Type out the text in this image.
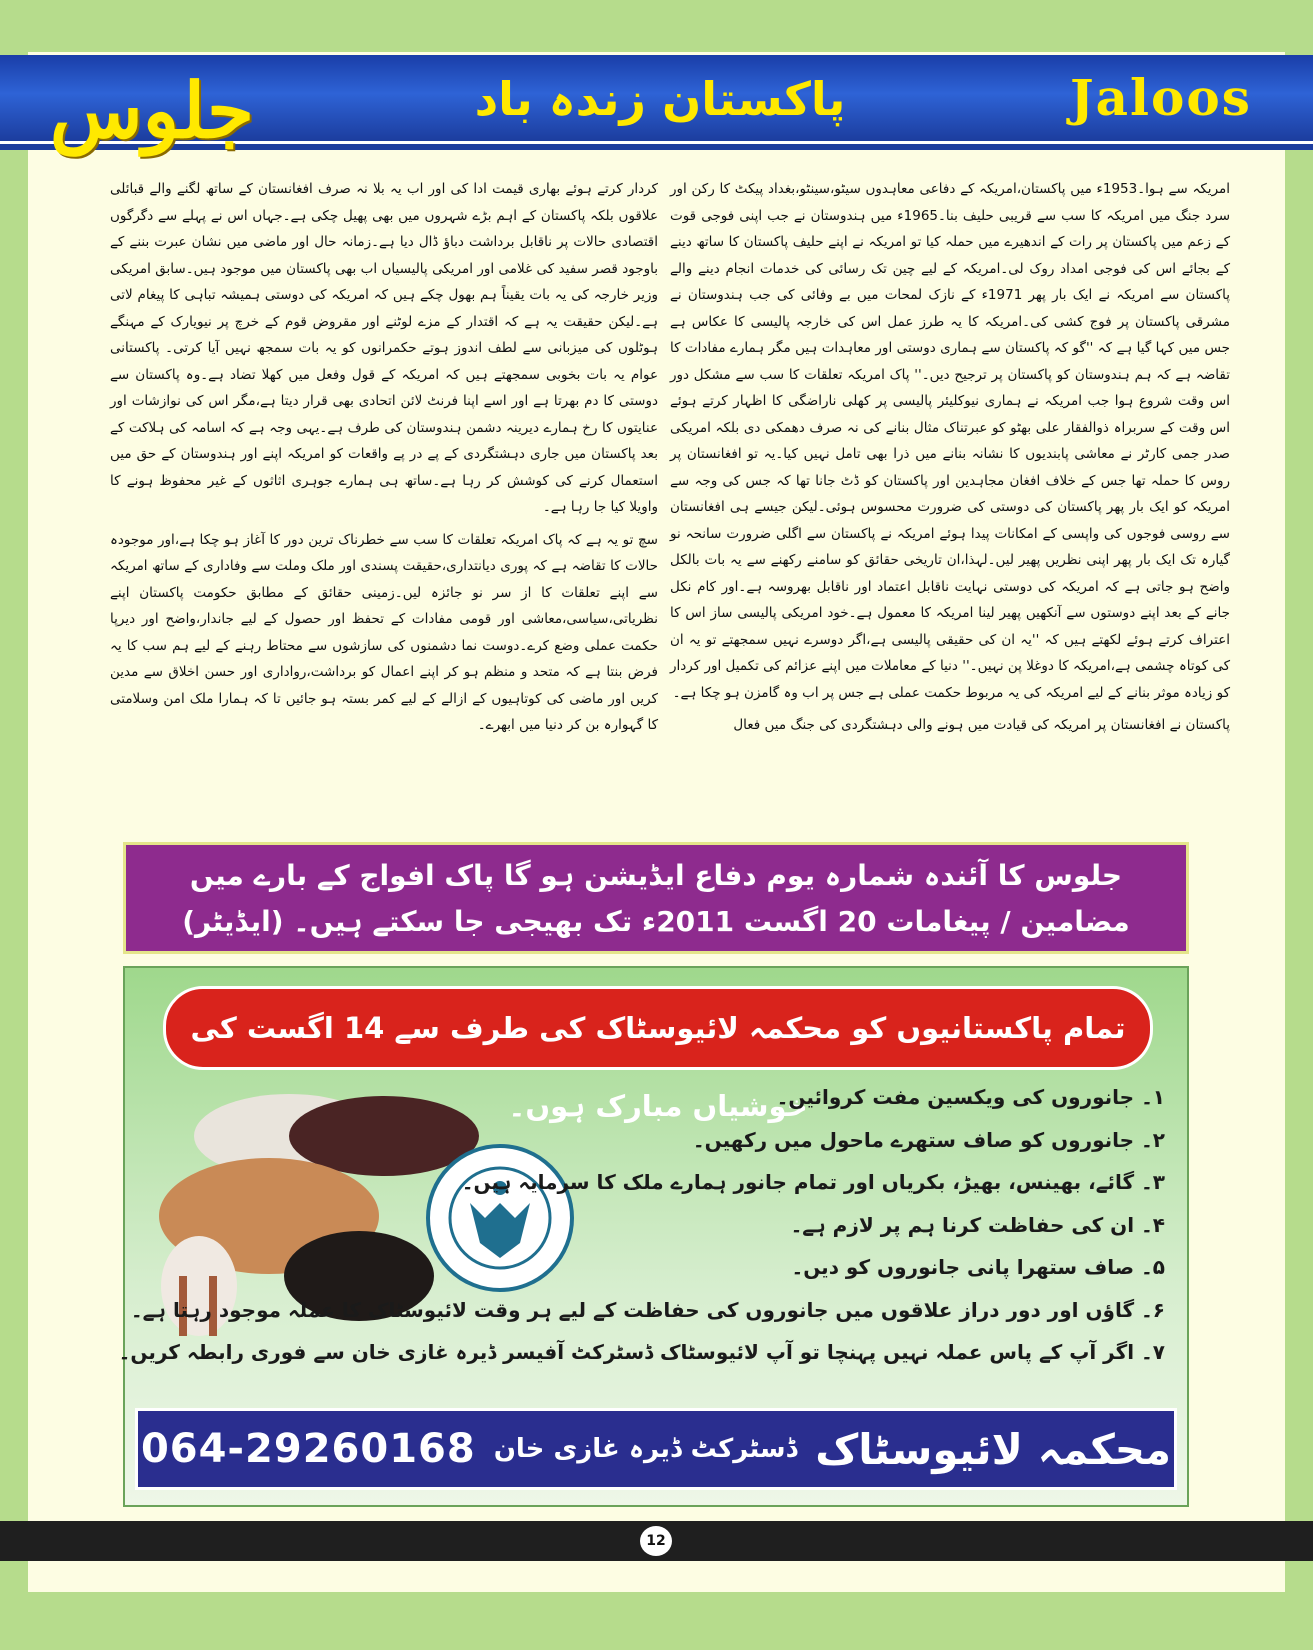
جلوس	پاکستان زندہ باد	Jaloos

امریکہ سے ہوا۔1953ء میں پاکستان،امریکہ کے دفاعی معاہدوں سیٹو،سینٹو،بغداد پیکٹ کا رکن اور سرد جنگ میں امریکہ کا سب سے قریبی حلیف بنا۔1965ء میں ہندوستان نے جب اپنی فوجی قوت کے زعم میں پاکستان پر رات کے اندھیرے میں حملہ کیا تو امریکہ نے اپنے حلیف پاکستان کا ساتھ دینے کے بجائے اس کی فوجی امداد روک لی۔امریکہ کے لیے چین تک رسائی کی خدمات انجام دینے والے پاکستان سے امریکہ نے ایک بار پھر 1971ء کے نازک لمحات میں بے وفائی کی جب ہندوستان نے مشرقی پاکستان پر فوج کشی کی۔امریکہ کا یہ طرز عمل اس کی خارجہ پالیسی کا عکاس ہے جس میں کہا گیا ہے کہ ''گو کہ پاکستان سے ہماری دوستی اور معاہدات ہیں مگر ہمارے مفادات کا تقاضہ ہے کہ ہم ہندوستان کو پاکستان پر ترجیح دیں۔'' پاک امریکہ تعلقات کا سب سے مشکل دور اس وقت شروع ہوا جب امریکہ نے ہماری نیوکلیئر پالیسی پر کھلی ناراضگی کا اظہار کرتے ہوئے اس وقت کے سربراہ ذوالفقار علی بھٹو کو عبرتناک مثال بنانے کی نہ صرف دھمکی دی بلکہ امریکی صدر جمی کارٹر نے معاشی پابندیوں کا نشانہ بنانے میں ذرا بھی تامل نہیں کیا۔یہ تو افغانستان پر روس کا حملہ تھا جس کے خلاف افغان مجاہدین اور پاکستان کو ڈٹ جانا تھا کہ جس کی وجہ سے امریکہ کو ایک بار پھر پاکستان کی دوستی کی ضرورت محسوس ہوئی۔لیکن جیسے ہی افغانستان سے روسی فوجوں کی واپسی کے امکانات پیدا ہوئے امریکہ نے پاکستان سے اگلی ضرورت سانحہ نو گیارہ تک ایک بار پھر اپنی نظریں پھیر لیں۔لہذا،ان تاریخی حقائق کو سامنے رکھنے سے یہ بات بالکل واضح ہو جاتی ہے کہ امریکہ کی دوستی نہایت ناقابل اعتماد اور ناقابل بھروسہ ہے۔اور کام نکل جانے کے بعد اپنے دوستوں سے آنکھیں پھیر لینا امریکہ کا معمول ہے۔خود امریکی پالیسی ساز اس کا اعتراف کرتے ہوئے لکھتے ہیں کہ ''یہ ان کی حقیقی پالیسی ہے،اگر دوسرے نہیں سمجھتے تو یہ ان کی کوتاہ چشمی ہے،امریکہ کا دوغلا پن نہیں۔'' دنیا کے معاملات میں اپنے عزائم کی تکمیل اور کردار کو زیادہ موثر بنانے کے لیے امریکہ کی یہ مربوط حکمت عملی ہے جس پر اب وہ گامزن ہو چکا ہے۔

پاکستان نے افغانستان پر امریکہ کی قیادت میں ہونے والی دہشتگردی کی جنگ میں فعال

کردار کرتے ہوئے بھاری قیمت ادا کی اور اب یہ بلا نہ صرف افغانستان کے ساتھ لگنے والے قبائلی علاقوں بلکہ پاکستان کے اہم بڑے شہروں میں بھی پھیل چکی ہے۔جہاں اس نے پہلے سے دگرگوں اقتصادی حالات پر ناقابل برداشت دباؤ ڈال دیا ہے۔زمانہ حال اور ماضی میں نشان عبرت بننے کے باوجود قصر سفید کی غلامی اور امریکی پالیسیاں اب بھی پاکستان میں موجود ہیں۔سابق امریکی وزیر خارجہ کی یہ بات یقیناً ہم بھول چکے ہیں کہ امریکہ کی دوستی ہمیشہ تباہی کا پیغام لاتی ہے۔لیکن حقیقت یہ ہے کہ اقتدار کے مزے لوٹنے اور مقروض قوم کے خرچ پر نیویارک کے مہنگے ہوٹلوں کی میزبانی سے لطف اندوز ہوتے حکمرانوں کو یہ بات سمجھ نہیں آیا کرتی۔ پاکستانی عوام یہ بات بخوبی سمجھتے ہیں کہ امریکہ کے قول وفعل میں کھلا تضاد ہے۔وہ پاکستان سے دوستی کا دم بھرتا ہے اور اسے اپنا فرنٹ لائن اتحادی بھی قرار دیتا ہے،مگر اس کی نوازشات اور عنایتوں کا رخ ہمارے دیرینہ دشمن ہندوستان کی طرف ہے۔یہی وجہ ہے کہ اسامہ کی ہلاکت کے بعد پاکستان میں جاری دہشتگردی کے پے در پے واقعات کو امریکہ اپنے اور ہندوستان کے حق میں استعمال کرنے کی کوشش کر رہا ہے۔ساتھ ہی ہمارے جوہری اثاثوں کے غیر محفوظ ہونے کا واویلا کیا جا رہا ہے۔

سچ تو یہ ہے کہ پاک امریکہ تعلقات کا سب سے خطرناک ترین دور کا آغاز ہو چکا ہے،اور موجودہ حالات کا تقاضہ ہے کہ پوری دیانتداری،حقیقت پسندی اور ملک وملت سے وفاداری کے ساتھ امریکہ سے اپنے تعلقات کا از سر نو جائزہ لیں۔زمینی حقائق کے مطابق حکومت پاکستان اپنے نظریاتی،سیاسی،معاشی اور قومی مفادات کے تحفظ اور حصول کے لیے جاندار،واضح اور دیرپا حکمت عملی وضع کرے۔دوست نما دشمنوں کی سازشوں سے محتاط رہنے کے لیے ہم سب کا یہ فرض بنتا ہے کہ متحد و منظم ہو کر اپنے اعمال کو برداشت،رواداری اور حسن اخلاق سے مدین کریں اور ماضی کی کوتاہیوں کے ازالے کے لیے کمر بستہ ہو جائیں تا کہ ہمارا ملک امن وسلامتی کا گہوارہ بن کر دنیا میں ابھرے۔

جلوس کا آئندہ شمارہ یوم دفاع ایڈیشن ہو گا پاک افواج کے بارے میں
مضامین / پیغامات 20 اگست 2011ء تک بھیجی جا سکتے ہیں۔ (ایڈیٹر)
تمام پاکستانیوں کو محکمہ لائیوسٹاک کی طرف سے 14 اگست کی خوشیاں مبارک ہوں۔
۱۔ جانوروں کی ویکسین مفت کروائیں۔
۲۔ جانوروں کو صاف ستھرے ماحول میں رکھیں۔
۳۔ گائے، بھینس، بھیڑ، بکریاں اور تمام جانور ہمارے ملک کا سرمایہ ہیں۔
۴۔ ان کی حفاظت کرنا ہم پر لازم ہے۔
۵۔ صاف ستھرا پانی جانوروں کو دیں۔
۶۔ گاؤں اور دور دراز علاقوں میں جانوروں کی حفاظت کے لیے ہر وقت لائیوسٹاک کا عملہ موجود رہتا ہے۔
۷۔ اگر آپ کے پاس عملہ نہیں پہنچا تو آپ لائیوسٹاک ڈسٹرکٹ آفیسر ڈیرہ غازی خان سے فوری رابطہ کریں۔
064-29260168 ڈسٹرکٹ ڈیرہ غازی خان محکمہ لائیوسٹاک
12
